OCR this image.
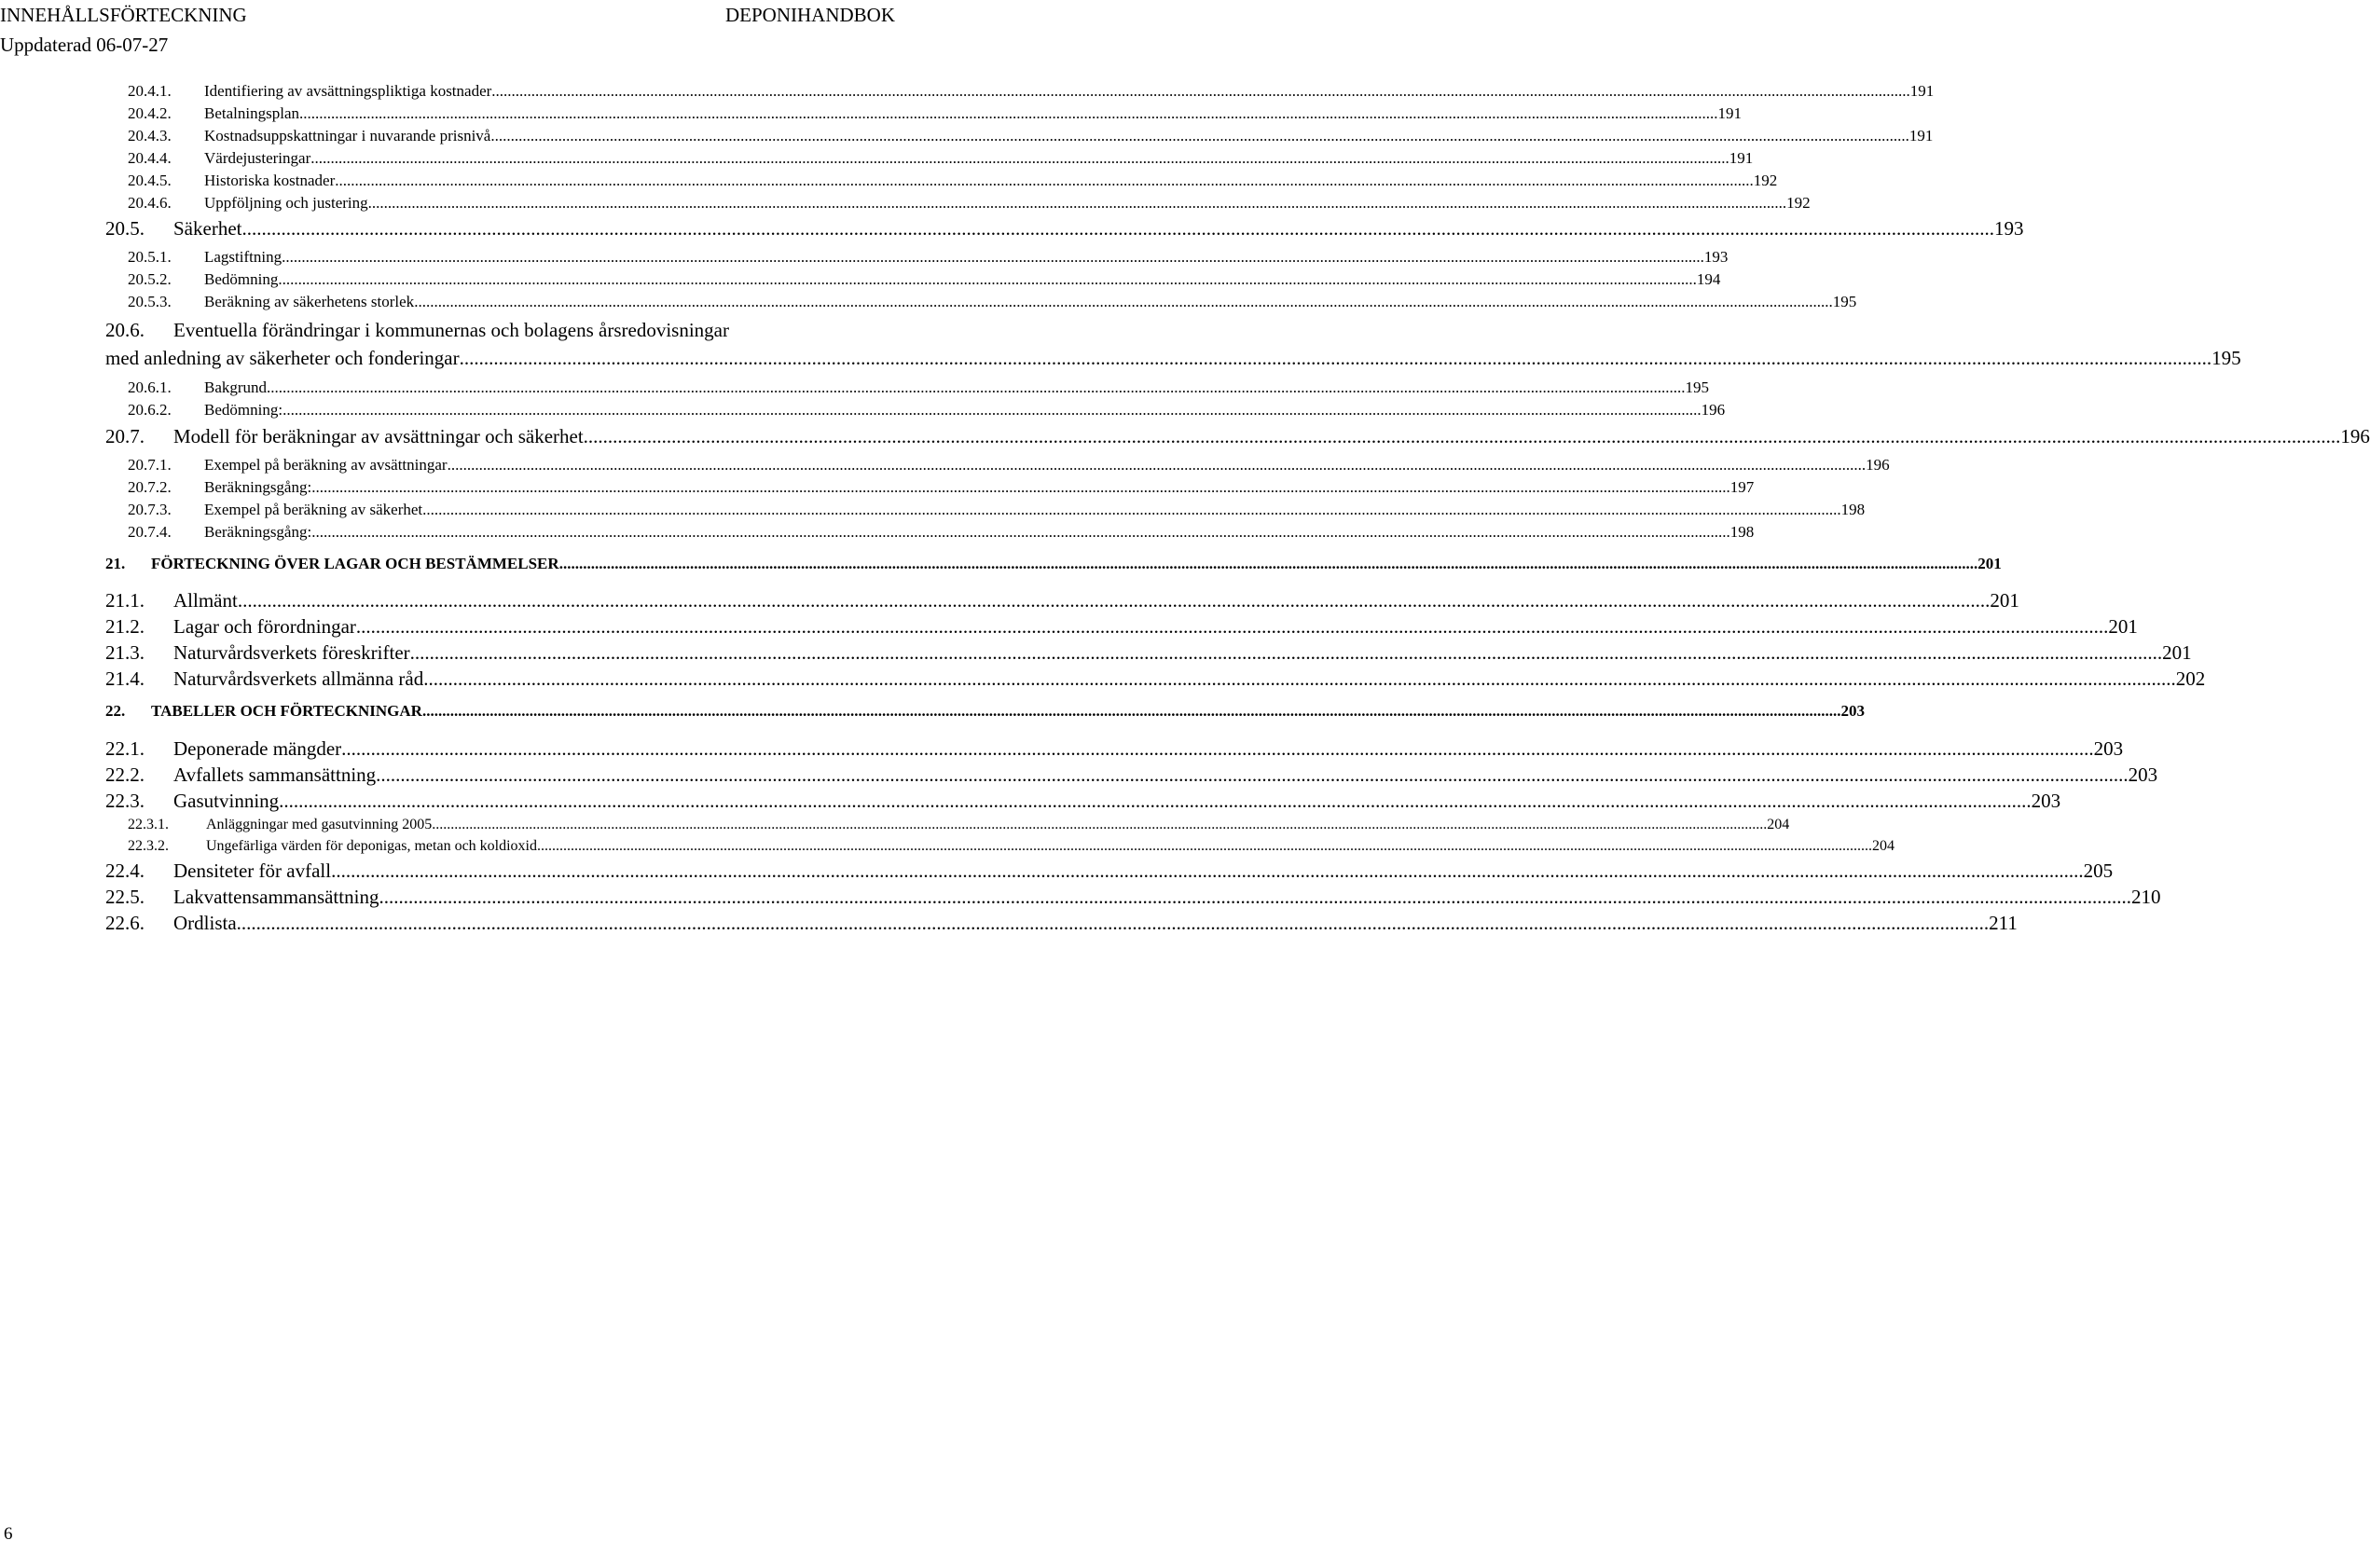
INNEHÅLLSFÖRTECKNING	DEPONIHANDBOK
Uppdaterad 06-07-27
20.4.1.	Identifiering av avsättningspliktiga kostnader .....	191
20.4.2.	Betalningsplan .....	191
20.4.3.	Kostnadsuppskattningar i nuvarande prisnivå .....	191
20.4.4.	Värdejusteringar .....	191
20.4.5.	Historiska kostnader .....	192
20.4.6.	Uppföljning och justering .....	192
20.5.	Säkerhet .....	193
20.5.1.	Lagstiftning. .....	193
20.5.2.	Bedömning .....	194
20.5.3.	Beräkning av säkerhetens storlek .....	195
20.6.	Eventuella förändringar i kommunernas och bolagens årsredovisningar
med anledning av säkerheter och fonderingar .....	195
20.6.1.	Bakgrund .....	195
20.6.2.	Bedömning: .....	196
20.7.	Modell för beräkningar av avsättningar och säkerhet. .....	196
20.7.1.	Exempel på beräkning av avsättningar .....	196
20.7.2.	Beräkningsgång: .....	197
20.7.3.	Exempel på beräkning av säkerhet .....	198
20.7.4.	Beräkningsgång: .....	198
21.	FÖRTECKNING ÖVER LAGAR OCH BESTÄMMELSER .....	201
21.1.	Allmänt .....	201
21.2.	Lagar och förordningar .....	201
21.3.	Naturvårdsverkets föreskrifter .....	201
21.4.	Naturvårdsverkets allmänna råd .....	202
22.	TABELLER OCH FÖRTECKNINGAR .....	203
22.1.	Deponerade mängder .....	203
22.2.	Avfallets sammansättning .....	203
22.3.	Gasutvinning .....	203
22.3.1.	Anläggningar med gasutvinning 2005 .....	204
22.3.2.	Ungefärliga värden för deponigas, metan och koldioxid .....	204
22.4.	Densiteter för avfall .....	205
22.5.	Lakvattensammansättning .....	210
22.6.	Ordlista .....	211
6
